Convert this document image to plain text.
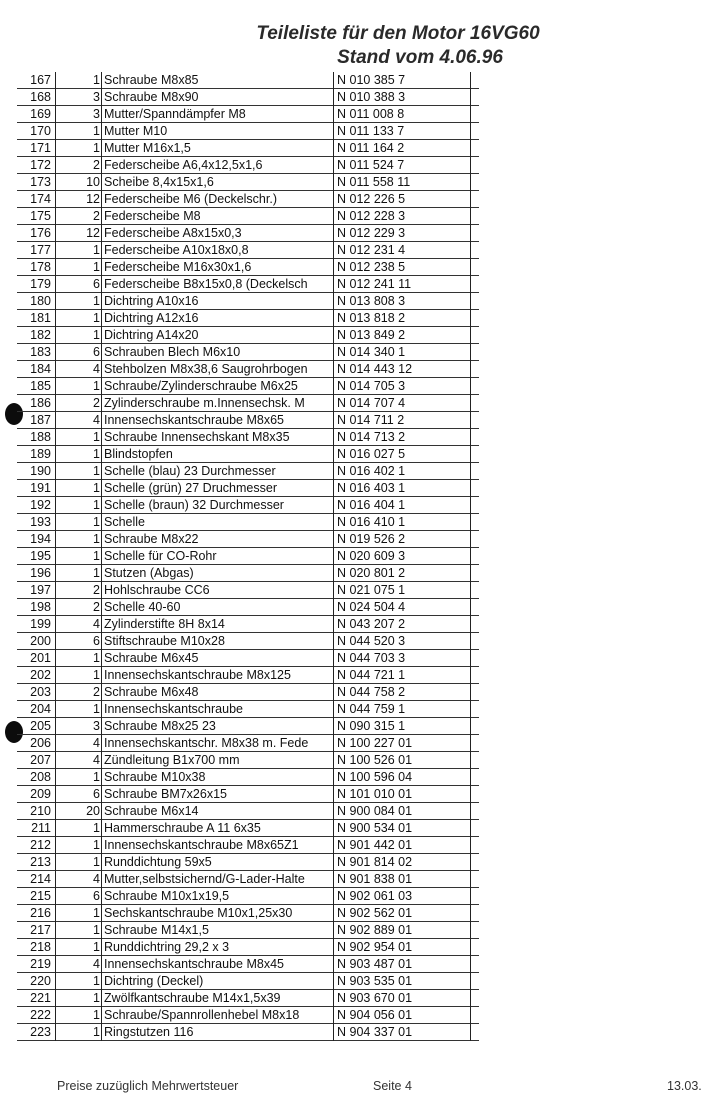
Teileliste für den Motor 16VG60
Stand vom 4.06.96
167	1 Schraube M8x85	N 010 385 7
168	3 Schraube M8x90	N 010 388 3
169	3 Mutter/Spanndämpfer M8	N 011 008 8
170	1 Mutter M10	N 011 133 7
171	1 Mutter M16x1,5	N 011 164 2
172	2 Federscheibe A6,4x12,5x1,6	N 011 524 7
173	10 Scheibe 8,4x15x1,6	N 011 558 11
174	12 Federscheibe M6 (Deckelschr.)	N 012 226 5
175	2 Federscheibe M8	N 012 228 3
176	12 Federscheibe A8x15x0,3	N 012 229 3
177	1 Federscheibe A10x18x0,8	N 012 231 4
178	1 Federscheibe M16x30x1,6	N 012 238 5
179	6 Federscheibe B8x15x0,8 (Deckelsch	N 012 241 11
180	1 Dichtring A10x16	N 013 808 3
181	1 Dichtring A12x16	N 013 818 2
182	1 Dichtring A14x20	N 013 849 2
183	6 Schrauben Blech M6x10	N 014 340 1
184	4 Stehbolzen M8x38,6 Saugrohrbogen	N 014 443 12
185	1 Schraube/Zylinderschraube M6x25	N 014 705 3
186	2 Zylinderschraube m.Innensechsk. M	N 014 707 4
187	4 Innensechskantschraube M8x65	N 014 711 2
188	1 Schraube Innensechskant M8x35	N 014 713 2
189	1 Blindstopfen	N 016 027 5
190	1 Schelle (blau) 23 Durchmesser	N 016 402 1
191	1 Schelle (grün) 27 Druchmesser	N 016 403 1
192	1 Schelle (braun) 32 Durchmesser	N 016 404 1
193	1 Schelle	N 016 410 1
194	1 Schraube M8x22	N 019 526 2
195	1 Schelle für CO-Rohr	N 020 609 3
196	1 Stutzen (Abgas)	N 020 801 2
197	2 Hohlschraube CC6	N 021 075 1
198	2 Schelle 40-60	N 024 504 4
199	4 Zylinderstifte 8H 8x14	N 043 207 2
200	6 Stiftschraube M10x28	N 044 520 3
201	1 Schraube M6x45	N 044 703 3
202	1 Innensechskantschraube M8x125	N 044 721 1
203	2 Schraube M6x48	N 044 758 2
204	1 Innensechskantschraube	N 044 759 1
205	3 Schraube M8x25 23	N 090 315 1
206	4 Innensechskantschr. M8x38 m. Fede	N 100 227 01
207	4 Zündleitung B1x700 mm	N 100 526 01
208	1 Schraube M10x38	N 100 596 04
209	6 Schraube BM7x26x15	N 101 010 01
210	20 Schraube M6x14	N 900 084 01
211	1 Hammerschraube A 11 6x35	N 900 534 01
212	1 Innensechskantschraube M8x65Z1	N 901 442 01
213	1 Runddichtung 59x5	N 901 814 02
214	4 Mutter,selbstsichernd/G-Lader-Halte	N 901 838 01
215	6 Schraube M10x1x19,5	N 902 061 03
216	1 Sechskantschraube M10x1,25x30	N 902 562 01
217	1 Schraube M14x1,5	N 902 889 01
218	1 Runddichtring 29,2 x 3	N 902 954 01
219	4 Innensechskantschraube M8x45	N 903 487 01
220	1 Dichtring (Deckel)	N 903 535 01
221	1 Zwölfkantschraube M14x1,5x39	N 903 670 01
222	1 Schraube/Spannrollenhebel M8x18	N 904 056 01
223	1 Ringstutzen 116	N 904 337 01
Preise zuzüglich Mehrwertsteuer	Seite 4	13.03.
